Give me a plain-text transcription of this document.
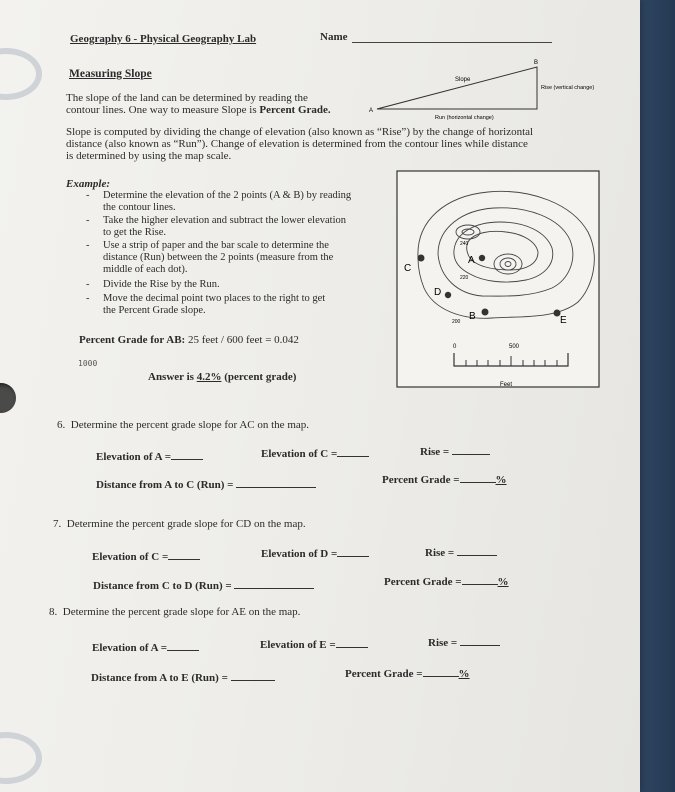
Geography 6 - Physical Geography Lab	Name
Measuring Slope
The slope of the land can be determined by reading the
contour lines. One way to measure Slope is Percent Grade.	A
B
Slope
Rise (vertical change)
Run (horizontal change)
Slope is computed by dividing the change of elevation (also known as “Rise”) by the change of horizontal
distance (also known as “Run”). Change of elevation is determined from the contour lines while distance
is determined by using the map scale.
Example:
- Determine the elevation of the 2 points (A & B) by reading
the contour lines.
- Take the higher elevation and subtract the lower elevation
to get the Rise.
- Use a strip of paper and the bar scale to determine the
distance (Run) between the 2 points (measure from the
middle of each dot).
- Divide the Rise by the Run.
- Move the decimal point two places to the right to get
the Percent Grade slope.
Percent Grade for AB: 25 feet / 600 feet = 0.042
1000
Answer is 4.2% (percent grade)
240
220
200
C
A
D
B	E
0	500
Feet
6. Determine the percent grade slope for AC on the map.
Elevation of A =	Elevation of C =	Rise =
Distance from A to C (Run) =	Percent Grade =	%
7. Determine the percent grade slope for CD on the map.
Elevation of C =	Elevation of D =	Rise =
Distance from C to D (Run) =	Percent Grade =	%
8. Determine the percent grade slope for AE on the map.
Elevation of A =	Elevation of E =	Rise =
Distance from A to E (Run) =	Percent Grade =	%
